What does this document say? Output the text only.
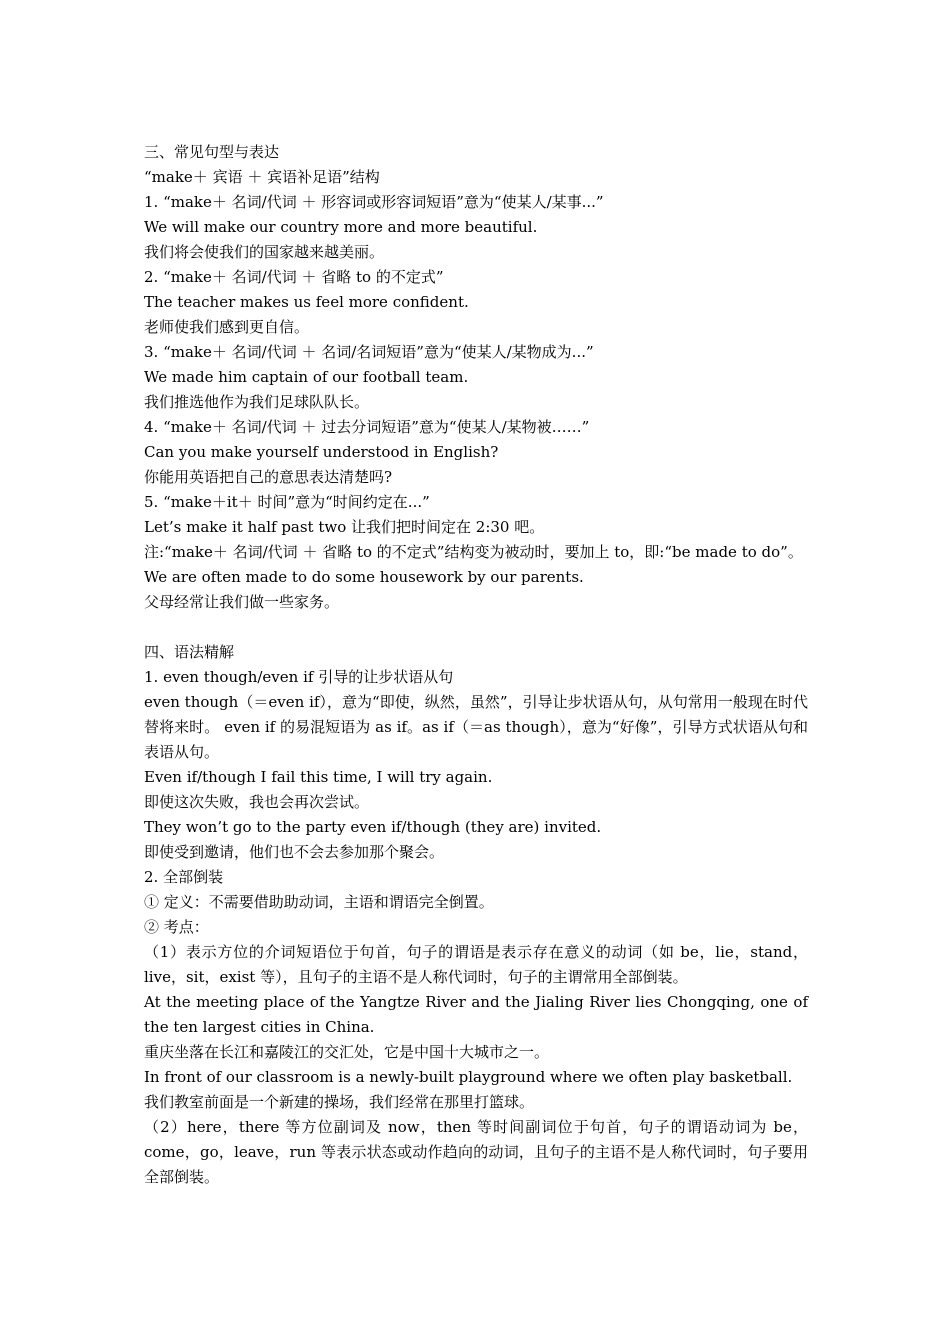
三、常见句型与表达

“make＋ 宾语 ＋ 宾语补足语”结构

1. “make＋ 名词/代词 ＋ 形容词或形容词短语”意为“使某人/某事...”

We will make our country more and more beautiful.

我们将会使我们的国家越来越美丽。

2. “make＋ 名词/代词 ＋ 省略 to 的不定式”

The teacher makes us feel more confident.

老师使我们感到更自信。

3. “make＋ 名词/代词 ＋ 名词/名词短语”意为“使某人/某物成为...”

We made him captain of our football team.

我们推选他作为我们足球队队长。

4. “make＋ 名词/代词 ＋ 过去分词短语”意为“使某人/某物被……”

Can you make yourself understood in English?

你能用英语把自己的意思表达清楚吗?

5. “make＋it＋ 时间”意为“时间约定在...”

Let’s make it half past two 让我们把时间定在 2:30 吧。

注:“make＋ 名词/代词 ＋ 省略 to 的不定式”结构变为被动时，要加上 to，即:“be made to do”。

We are often made to do some housework by our parents.

父母经常让我们做一些家务。

四、语法精解

1. even though/even if 引导的让步状语从句

even though（＝even if），意为“即使，纵然，虽然”，引导让步状语从句，从句常用一般现在时代替将来时。 even if 的易混短语为 as if。as if（＝as though），意为“好像”，引导方式状语从句和表语从句。

Even if/though I fail this time, I will try again.

即使这次失败，我也会再次尝试。

They won’t go to the party even if/though (they are) invited.

即使受到邀请，他们也不会去参加那个聚会。

2. 全部倒装

① 定义：不需要借助助动词，主语和谓语完全倒置。

② 考点：

（1）表示方位的介词短语位于句首，句子的谓语是表示存在意义的动词（如 be，lie，stand，live，sit，exist 等），且句子的主语不是人称代词时，句子的主谓常用全部倒装。

At the meeting place of the Yangtze River and the Jialing River lies Chongqing, one of the ten largest cities in China.

重庆坐落在长江和嘉陵江的交汇处，它是中国十大城市之一。

In front of our classroom is a newly-built playground where we often play basketball.

我们教室前面是一个新建的操场，我们经常在那里打篮球。

（2）here，there 等方位副词及 now，then 等时间副词位于句首，句子的谓语动词为 be，come，go，leave，run 等表示状态或动作趋向的动词，且句子的主语不是人称代词时，句子要用全部倒装。
